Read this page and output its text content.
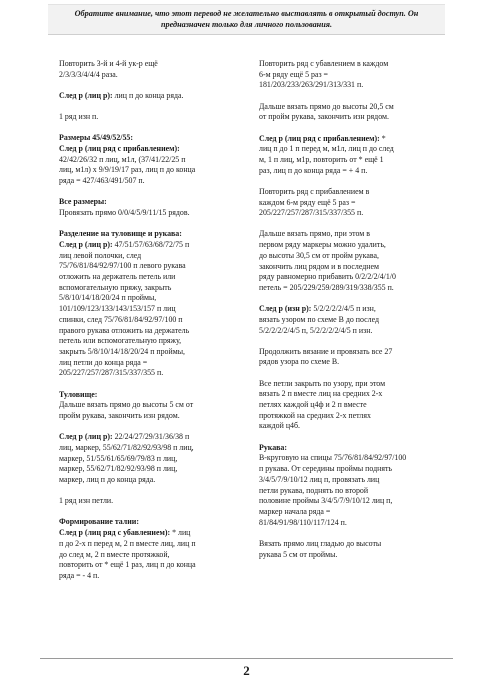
Обратите внимание, что этот перевод не желательно выставлять в открытый доступ. Он предназначен только для личного пользования.
Повторить 3-й и 4-й ук-р ещё
2/3/3/3/4/4/4 раза.
След р (лиц р): лиц п до конца ряда.
1 ряд изн п.
Размеры 45/49/52/55:
След р (лиц ряд с прибавлением):
42/42/26/32 п лиц, м1л, (37/41/22/25 п
лиц, м1л) х 9/9/19/17 раз, лиц п до конца
ряда = 427/463/491/507 п.
Все размеры:
Провязать прямо 0/0/4/5/9/11/15 рядов.
Разделение на туловище и рукава:
След р (лиц р): 47/51/57/63/68/72/75 п
лиц левой полочки, след
75/76/81/84/92/97/100 п левого рукава
отложить на держатель петель или
вспомогательную пряжу, закрыть
5/8/10/14/18/20/24 п проймы,
101/109/123/133/143/153/157 п лиц
спинки, след 75/76/81/84/92/97/100 п
правого рукава отложить на держатель
петель или вспомогательную пряжу,
закрыть 5/8/10/14/18/20/24 п проймы,
лиц петли до конца ряда =
205/227/257/287/315/337/355 п.
Туловище:
Дальше вязать прямо до высоты 5 см от
пройм рукава, закончить изн рядом.
След р (лиц р): 22/24/27/29/31/36/38 п
лиц, маркер, 55/62/71/82/92/93/98 п лиц,
маркер, 51/55/61/65/69/79/83 п лиц,
маркер, 55/62/71/82/92/93/98 п лиц,
маркер, лиц п до конца ряда.
1 ряд изн петли.
Формирование талии:
След р (лиц ряд с убавлением): * лиц
п до 2-х п перед м, 2 п вместе лиц, лиц п
до след м, 2 п вместе протяжкой,
повторить от * ещё 1 раз, лиц п до конца
ряда = - 4 п.
Повторить ряд с убавлением в каждом
6-м ряду ещё 5 раз =
181/203/233/263/291/313/331 п.
Дальше вязать прямо до высоты 20,5 см
от пройм рукава, закончить изн рядом.
След р (лиц ряд с прибавлением): *
лиц п до 1 п перед м, м1л, лиц п до след
м, 1 п лиц, м1р, повторить от * ещё 1
раз, лиц п до конца ряда = + 4 п.
Повторить ряд с прибавлением в
каждом 6-м ряду ещё 5 раз =
205/227/257/287/315/337/355 п.
Дальше вязать прямо, при этом в
первом ряду маркеры можно удалить,
до высоты 30,5 см от пройм рукава,
закончить лиц рядом и в последнем
ряду равномерно прибавить 0/2/2/2/4/1/0
петель = 205/229/259/289/319/338/355 п.
След р (изн р): 5/2/2/2/2/4/5 п изн,
вязать узором по схеме В до послед
5/2/2/2/2/4/5 п, 5/2/2/2/2/4/5 п изн.
Продолжить вязание и провязать все 27
рядов узора по схеме В.
Все петли закрыть по узору, при этом
вязать 2 п вместе лиц на средних 2-х
петлях каждой ц4ф и 2 п вместе
протяжкой на средних 2-х петлях
каждой ц4б.
Рукава:
В-круговую на спицы 75/76/81/84/92/97/100
п рукава. От середины проймы поднять
3/4/5/7/9/10/12 лиц п, провязать лиц
петли рукава, поднять по второй
половине проймы 3/4/5/7/9/10/12 лиц п,
маркер начала ряда =
81/84/91/98/110/117/124 п.
Вязать прямо лиц гладью до высоты
рукава 5 см от проймы.
2
